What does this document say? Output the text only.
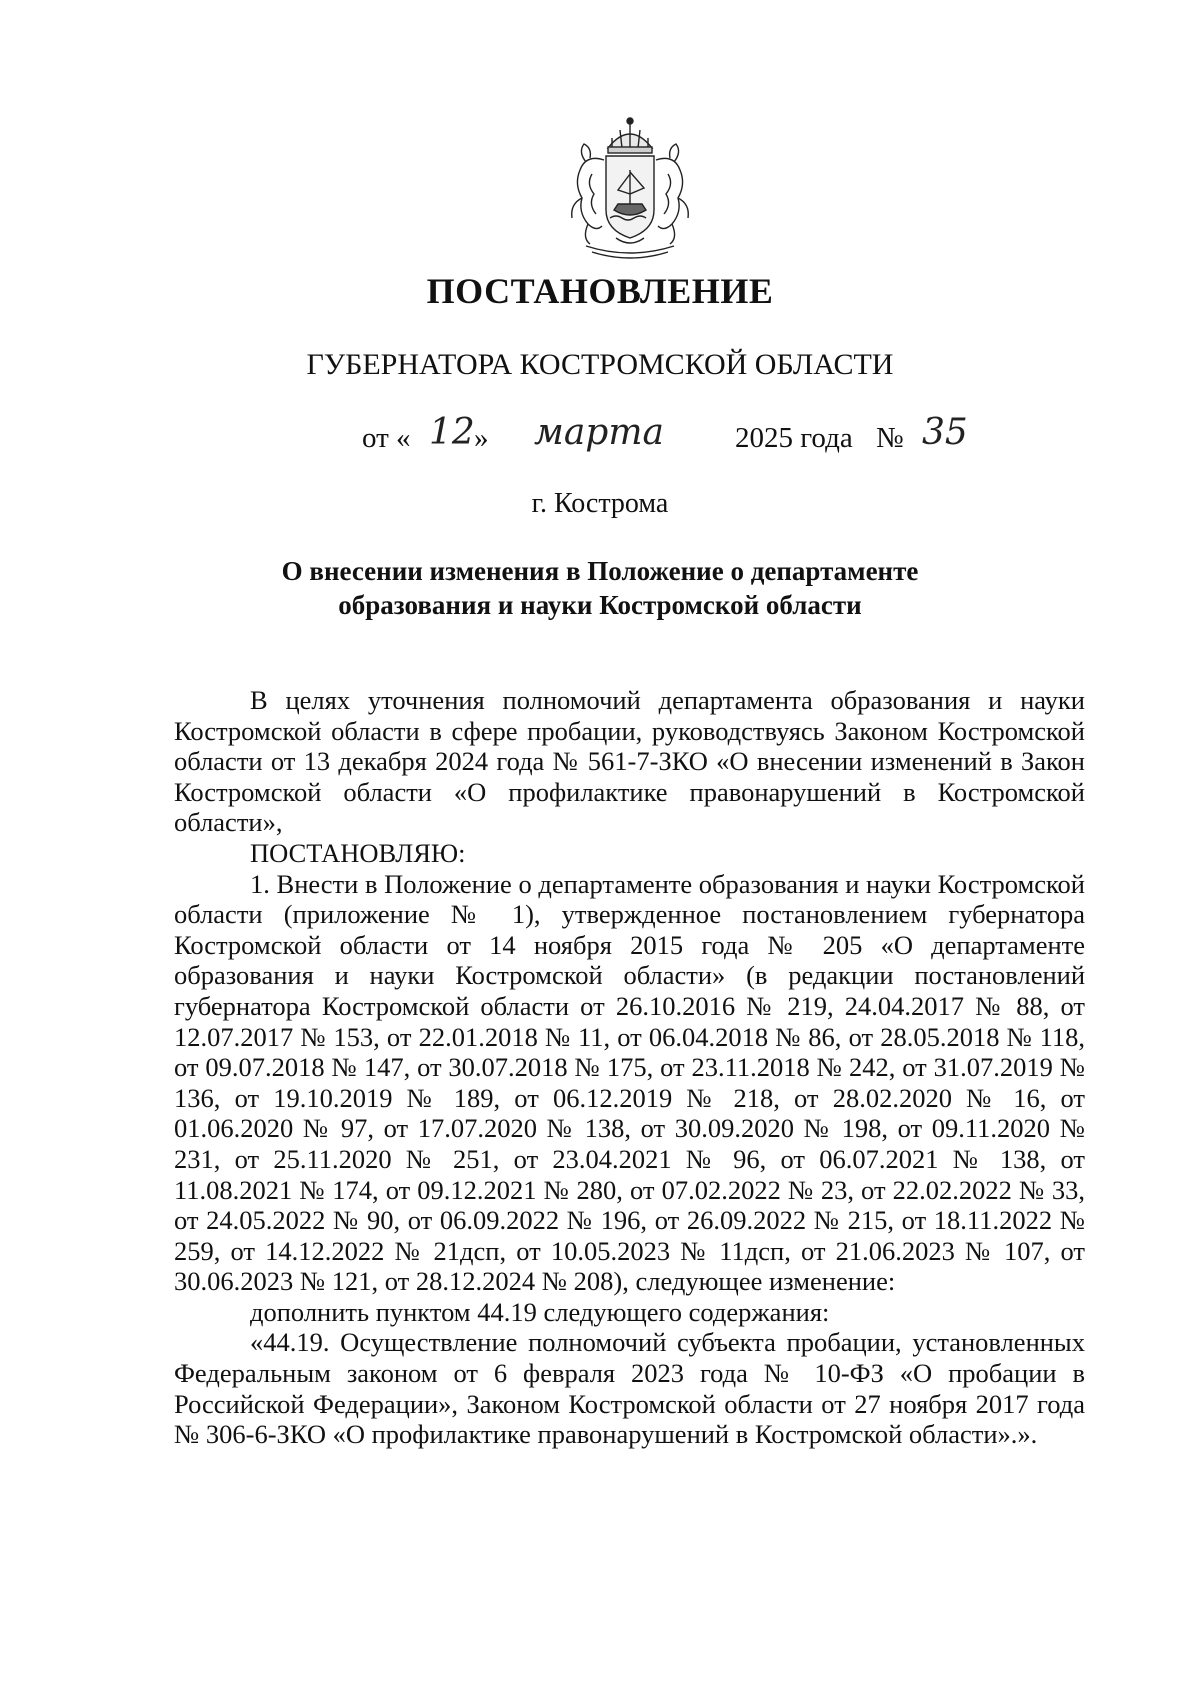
ПОСТАНОВЛЕНИЕ
ГУБЕРНАТОРА КОСТРОМСКОЙ ОБЛАСТИ
от « 12 » марта 2025 года № 35
г. Кострома
О внесении изменения в Положение о департаменте
образования и науки Костромской области

В целях уточнения полномочий департамента образования и науки Костромской области в сфере пробации, руководствуясь Законом Костромской области от 13 декабря 2024 года № 561-7-ЗКО «О внесении изменений в Закон Костромской области «О профилактике правонарушений в Костромской области»,

ПОСТАНОВЛЯЮ:

1. Внести в Положение о департаменте образования и науки Костромской области (приложение № 1), утвержденное постановлением губернатора Костромской области от 14 ноября 2015 года № 205 «О департаменте образования и науки Костромской области» (в редакции постановлений губернатора Костромской области от 26.10.2016 № 219, 24.04.2017 № 88, от 12.07.2017 № 153, от 22.01.2018 № 11, от 06.04.2018 № 86, от 28.05.2018 № 118, от 09.07.2018 № 147, от 30.07.2018 № 175, от 23.11.2018 № 242, от 31.07.2019 № 136, от 19.10.2019 № 189, от 06.12.2019 № 218, от 28.02.2020 № 16, от 01.06.2020 № 97, от 17.07.2020 № 138, от 30.09.2020 № 198, от 09.11.2020 № 231, от 25.11.2020 № 251, от 23.04.2021 № 96, от 06.07.2021 № 138, от 11.08.2021 № 174, от 09.12.2021 № 280, от 07.02.2022 № 23, от 22.02.2022 № 33, от 24.05.2022 № 90, от 06.09.2022 № 196, от 26.09.2022 № 215, от 18.11.2022 № 259, от 14.12.2022 № 21дсп, от 10.05.2023 № 11дсп, от 21.06.2023 № 107, от 30.06.2023 № 121, от 28.12.2024 № 208), следующее изменение:

дополнить пунктом 44.19 следующего содержания:

«44.19. Осуществление полномочий субъекта пробации, установленных Федеральным законом от 6 февраля 2023 года № 10-ФЗ «О пробации в Российской Федерации», Законом Костромской области от 27 ноября 2017 года № 306-6-ЗКО «О профилактике правонарушений в Костромской области».».
